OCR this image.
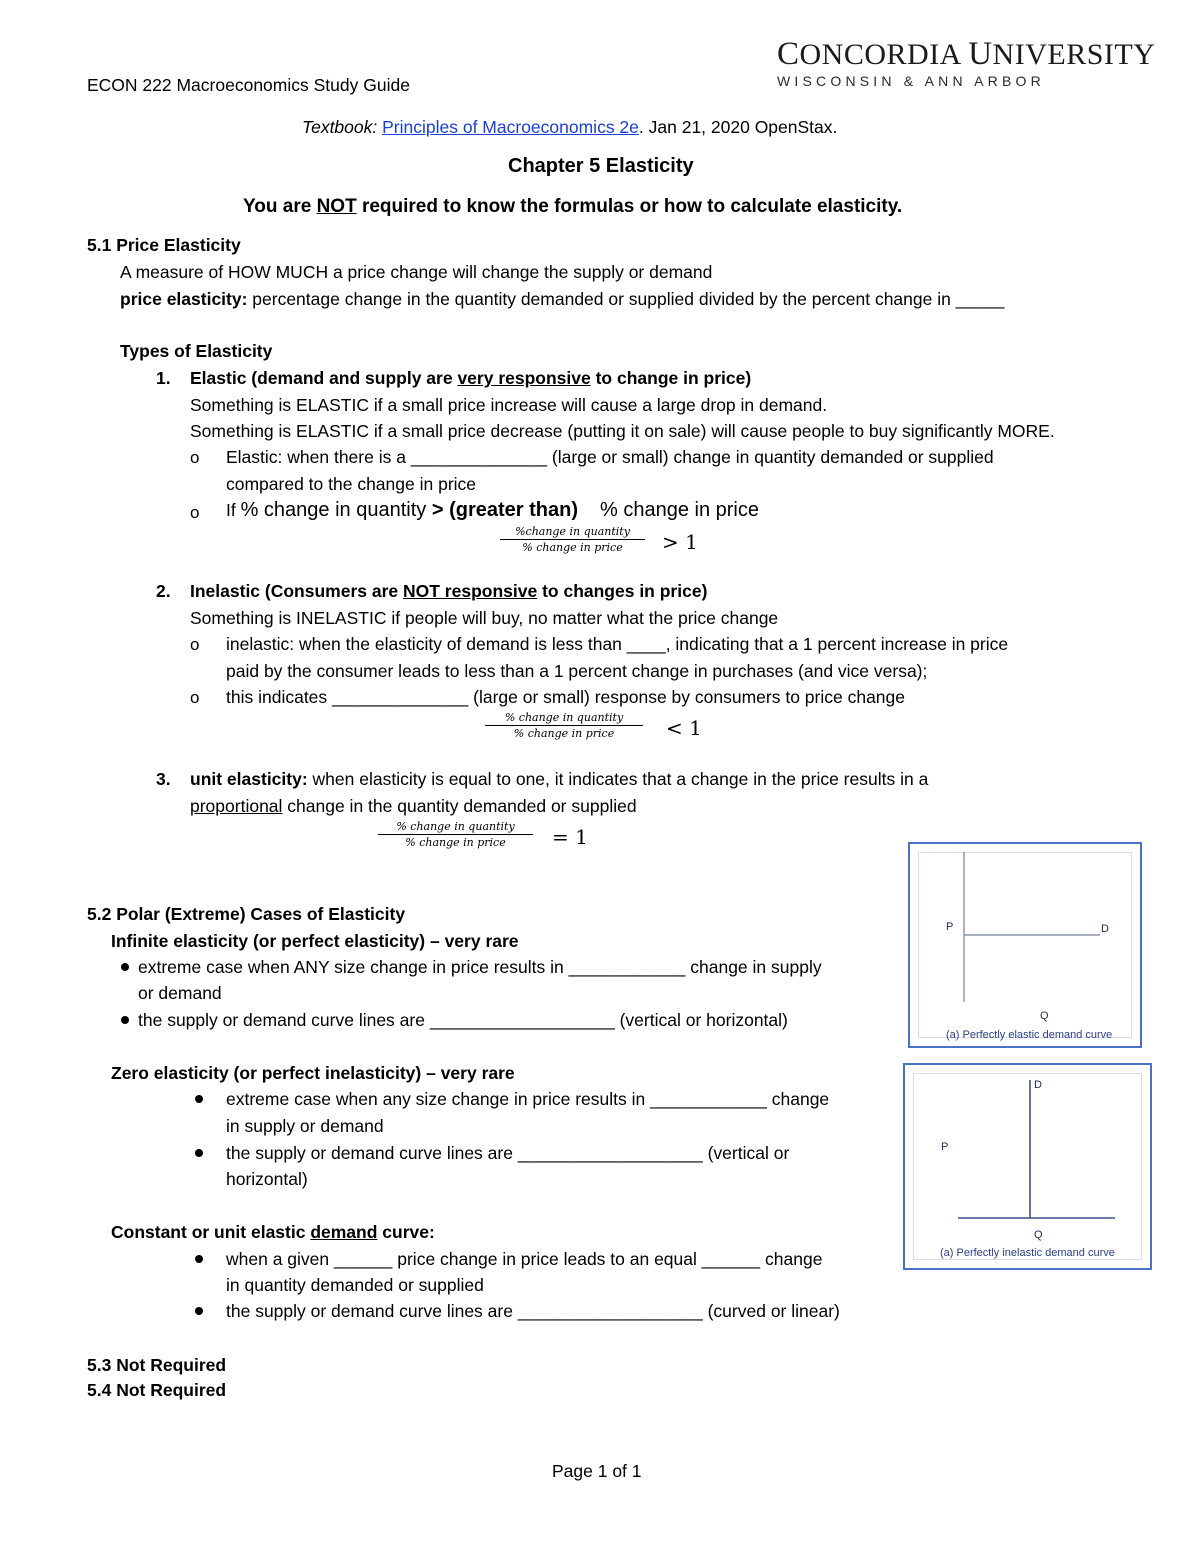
ECON 222 Macroeconomics Study Guide
CONCORDIA UNIVERSITY
WISCONSIN & ANN ARBOR
Textbook: Principles of Macroeconomics 2e. Jan 21, 2020 OpenStax.
Chapter 5 Elasticity
You are NOT required to know the formulas or how to calculate elasticity.
5.1 Price Elasticity
A measure of HOW MUCH a price change will change the supply or demand
price elasticity: percentage change in the quantity demanded or supplied divided by the percent change in _____
Types of Elasticity
1. Elastic (demand and supply are very responsive to change in price)
Something is ELASTIC if a small price increase will cause a large drop in demand.
Something is ELASTIC if a small price decrease (putting it on sale) will cause people to buy significantly MORE.
o Elastic: when there is a ______________ (large or small) change in quantity demanded or supplied
compared to the change in price
o If % change in quantity > (greater than) % change in price
%change in quantity
% change in price	> 1
2. Inelastic (Consumers are NOT responsive to changes in price)
Something is INELASTIC if people will buy, no matter what the price change
o inelastic: when the elasticity of demand is less than ____, indicating that a 1 percent increase in price
paid by the consumer leads to less than a 1 percent change in purchases (and vice versa);
o this indicates ______________ (large or small) response by consumers to price change
% change in quantity
% change in price	< 1
3. unit elasticity: when elasticity is equal to one, it indicates that a change in the price results in a
proportional change in the quantity demanded or supplied
% change in quantity
% change in price	= 1
5.2 Polar (Extreme) Cases of Elasticity
Infinite elasticity (or perfect elasticity) – very rare
extreme case when ANY size change in price results in ____________ change in supply
or demand
the supply or demand curve lines are ___________________ (vertical or horizontal)
Zero elasticity (or perfect inelasticity) – very rare
extreme case when any size change in price results in ____________ change
in supply or demand
the supply or demand curve lines are ___________________ (vertical or
horizontal)
Constant or unit elastic demand curve:
when a given ______ price change in price leads to an equal ______ change
in quantity demanded or supplied
the supply or demand curve lines are ___________________ (curved or linear)
5.3 Not Required
5.4 Not Required
Page 1 of 1
P	D
Q
(a) Perfectly elastic demand curve
D
P
Q
(a) Perfectly inelastic demand curve
